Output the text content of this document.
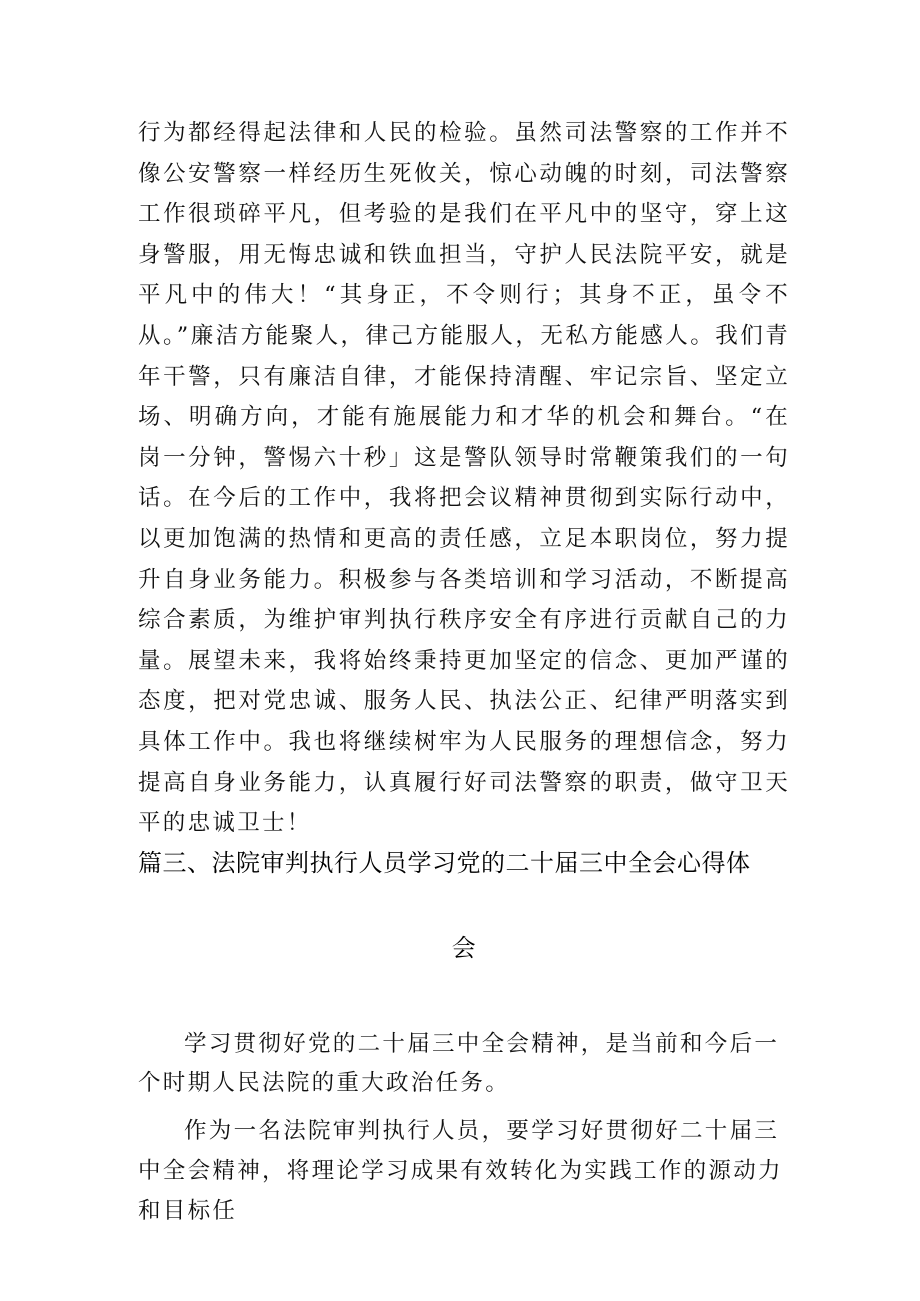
行为都经得起法律和人民的检验。虽然司法警察的工作并不像公安警察一样经历生死攸关，惊心动魄的时刻，司法警察工作很琐碎平凡，但考验的是我们在平凡中的坚守，穿上这身警服，用无悔忠诚和铁血担当，守护人民法院平安，就是平凡中的伟大！“其身正，不令则行；其身不正，虽令不从。”廉洁方能聚人，律己方能服人，无私方能感人。我们青年干警，只有廉洁自律，才能保持清醒、牢记宗旨、坚定立场、明确方向，才能有施展能力和才华的机会和舞台。“在岗一分钟，警惕六十秒」这是警队领导时常鞭策我们的一句话。在今后的工作中，我将把会议精神贯彻到实际行动中，以更加饱满的热情和更高的责任感，立足本职岗位，努力提升自身业务能力。积极参与各类培训和学习活动，不断提高综合素质，为维护审判执行秩序安全有序进行贡献自己的力量。展望未来，我将始终秉持更加坚定的信念、更加严谨的态度，把对党忠诚、服务人民、执法公正、纪律严明落实到具体工作中。我也将继续树牢为人民服务的理想信念，努力提高自身业务能力，认真履行好司法警察的职责，做守卫天平的忠诚卫士！
篇三、法院审判执行人员学习党的二十届三中全会心得体
会
学习贯彻好党的二十届三中全会精神，是当前和今后一个时期人民法院的重大政治任务。
作为一名法院审判执行人员，要学习好贯彻好二十届三中全会精神，将理论学习成果有效转化为实践工作的源动力和目标任
